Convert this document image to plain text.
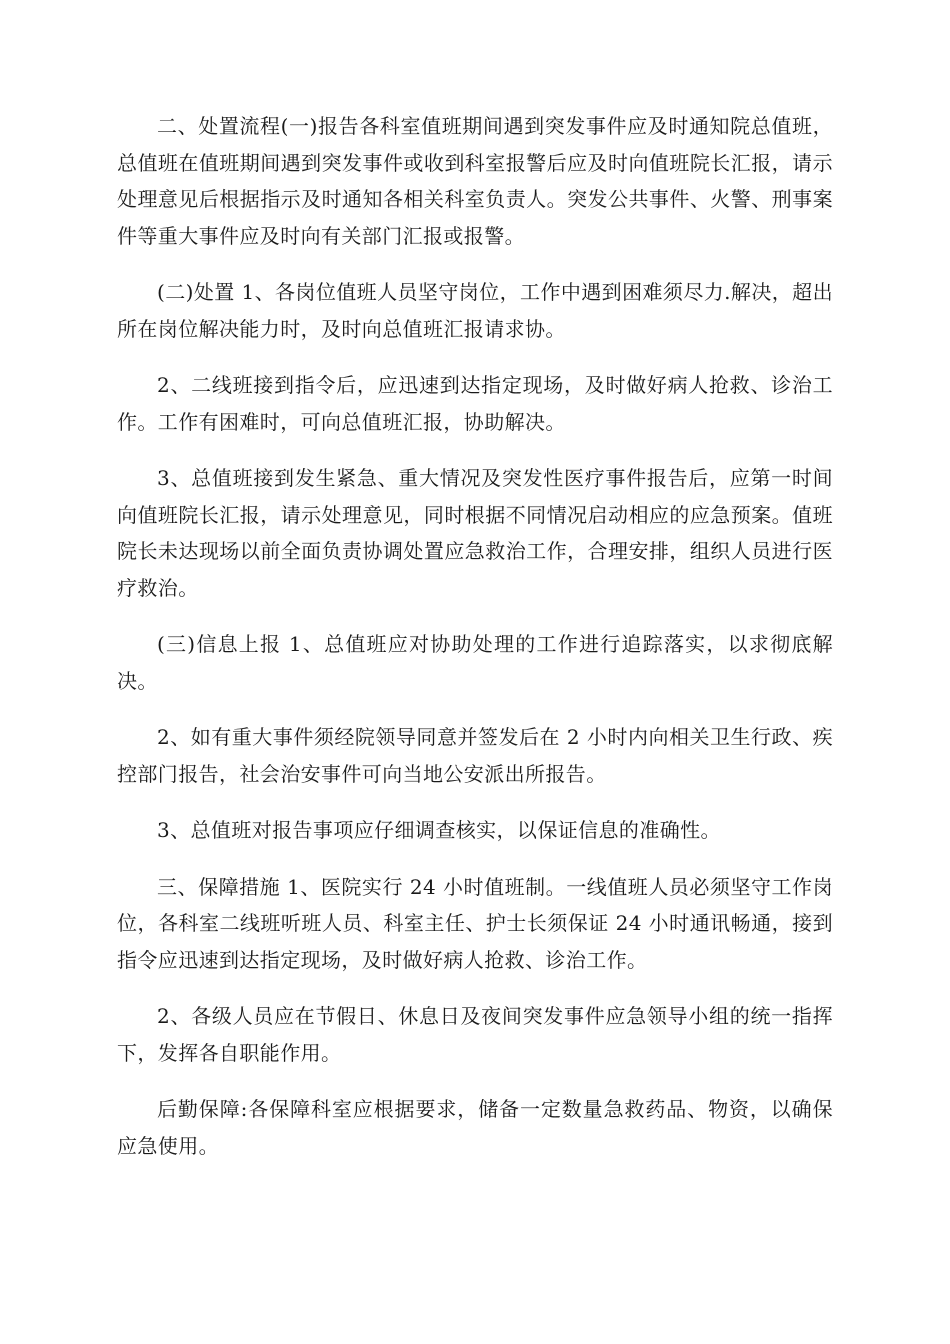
二、处置流程(一)报告各科室值班期间遇到突发事件应及时通知院总值班，总值班在值班期间遇到突发事件或收到科室报警后应及时向值班院长汇报，请示处理意见后根据指示及时通知各相关科室负责人。突发公共事件、火警、刑事案件等重大事件应及时向有关部门汇报或报警。

(二)处置 1、各岗位值班人员坚守岗位，工作中遇到困难须尽力.解决，超出所在岗位解决能力时，及时向总值班汇报请求协。

2、二线班接到指令后，应迅速到达指定现场，及时做好病人抢救、诊治工作。工作有困难时，可向总值班汇报，协助解决。

3、总值班接到发生紧急、重大情况及突发性医疗事件报告后，应第一时间向值班院长汇报，请示处理意见，同时根据不同情况启动相应的应急预案。值班院长未达现场以前全面负责协调处置应急救治工作，合理安排，组织人员进行医疗救治。

(三)信息上报 1、总值班应对协助处理的工作进行追踪落实，以求彻底解决。

2、如有重大事件须经院领导同意并签发后在 2 小时内向相关卫生行政、疾控部门报告，社会治安事件可向当地公安派出所报告。

3、总值班对报告事项应仔细调查核实，以保证信息的准确性。

三、保障措施 1、医院实行 24 小时值班制。一线值班人员必须坚守工作岗位，各科室二线班听班人员、科室主任、护士长须保证 24 小时通讯畅通，接到指令应迅速到达指定现场，及时做好病人抢救、诊治工作。

2、各级人员应在节假日、休息日及夜间突发事件应急领导小组的统一指挥下，发挥各自职能作用。

后勤保障:各保障科室应根据要求，储备一定数量急救药品、物资，以确保应急使用。
